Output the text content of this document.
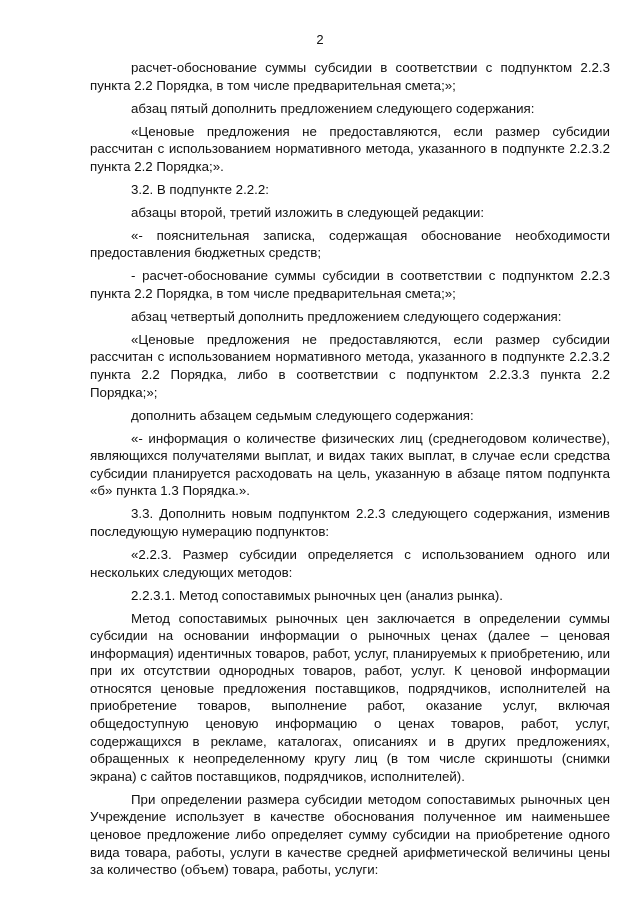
2

расчет-обоснование суммы субсидии в соответствии с подпунктом 2.2.3 пункта 2.2 Порядка, в том числе предварительная смета;»;

абзац пятый дополнить предложением следующего содержания:

«Ценовые предложения не предоставляются, если размер субсидии рассчитан с использованием нормативного метода, указанного в подпункте 2.2.3.2 пункта 2.2 Порядка;».

3.2. В подпункте 2.2.2:

абзацы второй, третий изложить в следующей редакции:

«- пояснительная записка, содержащая обоснование необходимости предоставления бюджетных средств;

- расчет-обоснование суммы субсидии в соответствии с подпунктом 2.2.3 пункта 2.2 Порядка, в том числе предварительная смета;»;

абзац четвертый дополнить предложением следующего содержания:

«Ценовые предложения не предоставляются, если размер субсидии рассчитан с использованием нормативного метода, указанного в подпункте 2.2.3.2 пункта 2.2 Порядка, либо в соответствии с подпунктом 2.2.3.3 пункта 2.2 Порядка;»;

дополнить абзацем седьмым следующего содержания:

«- информация о количестве физических лиц (среднегодовом количестве), являющихся получателями выплат, и видах таких выплат, в случае если средства субсидии планируется расходовать на цель, указанную в абзаце пятом подпункта «б» пункта 1.3 Порядка.».

3.3. Дополнить новым подпунктом 2.2.3 следующего содержания, изменив последующую нумерацию подпунктов:

«2.2.3. Размер субсидии определяется с использованием одного или нескольких следующих методов:

2.2.3.1. Метод сопоставимых рыночных цен (анализ рынка).

Метод сопоставимых рыночных цен заключается в определении суммы субсидии на основании информации о рыночных ценах (далее – ценовая информация) идентичных товаров, работ, услуг, планируемых к приобретению, или при их отсутствии однородных товаров, работ, услуг. К ценовой информации относятся ценовые предложения поставщиков, подрядчиков, исполнителей на приобретение товаров, выполнение работ, оказание услуг, включая общедоступную ценовую информацию о ценах товаров, работ, услуг, содержащихся в рекламе, каталогах, описаниях и в других предложениях, обращенных к неопределенному кругу лиц (в том числе скриншоты (снимки экрана) с сайтов поставщиков, подрядчиков, исполнителей).

При определении размера субсидии методом сопоставимых рыночных цен Учреждение использует в качестве обоснования полученное им наименьшее ценовое предложение либо определяет сумму субсидии на приобретение одного вида товара, работы, услуги в качестве средней арифметической величины цены за количество (объем) товара, работы, услуги:
